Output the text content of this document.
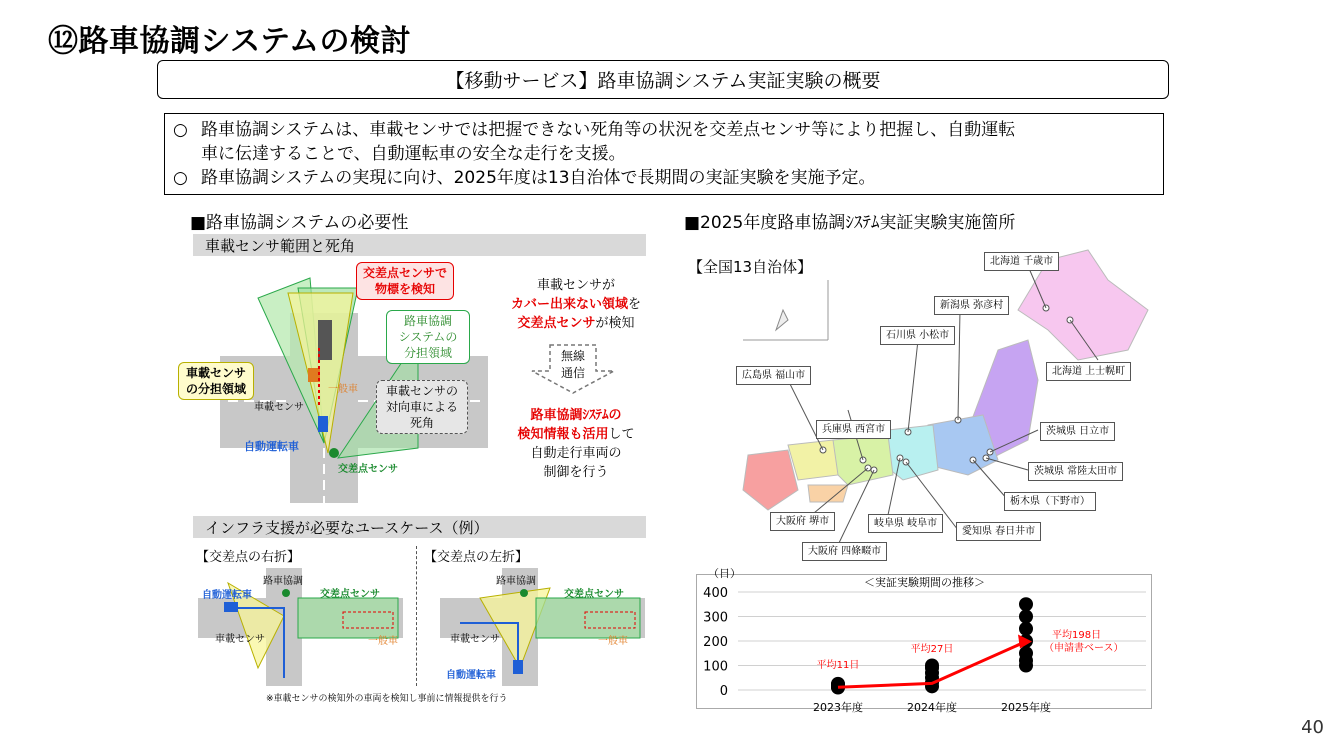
⑫路車協調システムの検討
【移動サービス】路車協調システム実証実験の概要
○ 路車協調システムは、車載センサでは把握できない死角等の状況を交差点センサ等により把握し、自動運転
車に伝達することで、自動運転車の安全な走行を支援。
○ 路車協調システムの実現に向け、2025年度は13自治体で長期間の実証実験を実施予定。
■路車協調システムの必要性
車載センサ範囲と死角
交差点センサで
物標を検知
路車協調
システムの
分担領域
車載センサ
の分担領域	車載センサの
対向車による
死角
車載センサ
自動運転車
一般車
交差点センサ
車載センサが
カバー出来ない領域を
交差点センサが検知
無線
通信
路車協調ｼｽﾃﾑの
検知情報も活用して
自動走行車両の
制御を行う
インフラ支援が必要なユースケース（例）
【交差点の右折】	【交差点の左折】
路車協調
自動運転車	交差点センサ
車載センサ	一般車
路車協調
交差点センサ
車載センサ	一般車
自動運転車
※車載センサの検知外の車両を検知し事前に情報提供を行う
■2025年度路車協調ｼｽﾃﾑ実証実験実施箇所
【全国13自治体】	北海道 千歳市
新潟県 弥彦村
石川県 小松市
北海道 上士幌町
広島県 福山市
兵庫県 西宮市	茨城県 日立市
茨城県 常陸太田市
栃木県（下野市）
大阪府 堺市	岐阜県 岐阜市
愛知県 春日井市
大阪府 四條畷市
＜実証実験期間の推移＞
（日）
400
300
200
100
0
2023年度	2024年度	2025年度
平均11日
平均27日
平均198日
（申請書ベース）
40
